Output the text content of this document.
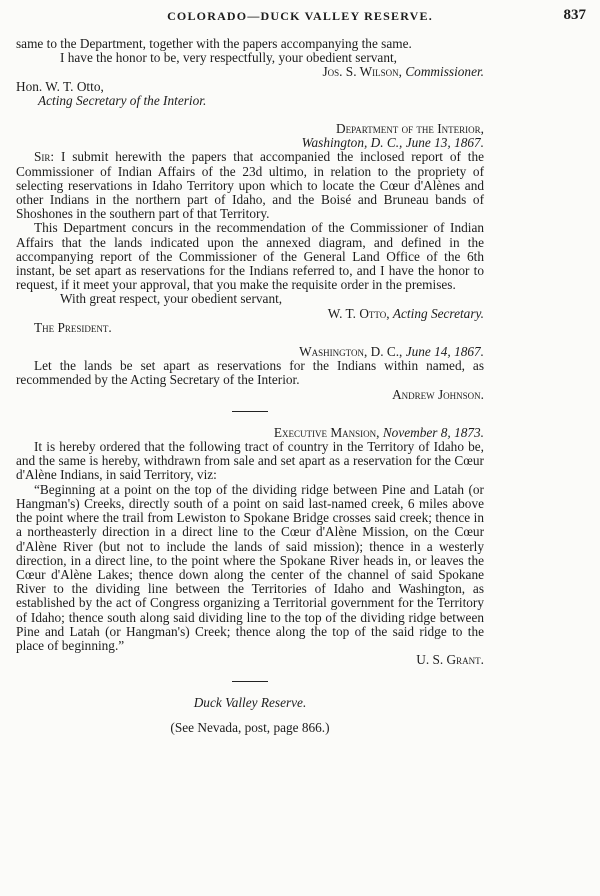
COLORADO—DUCK VALLEY RESERVE.	837

same to the Department, together with the papers accompanying the same.

I have the honor to be, very respectfully, your obedient servant,

Jos. S. Wilson, Commissioner.

Hon. W. T. Otto,

Acting Secretary of the Interior.

Department of the Interior,

Washington, D. C., June 13, 1867.

Sir: I submit herewith the papers that accompanied the inclosed report of the Commissioner of Indian Affairs of the 23d ultimo, in relation to the propriety of selecting reservations in Idaho Territory upon which to locate the Cœur d'Alènes and other Indians in the northern part of Idaho, and the Boisé and Bruneau bands of Shoshones in the southern part of that Territory.

This Department concurs in the recommendation of the Commissioner of Indian Affairs that the lands indicated upon the annexed diagram, and defined in the accompanying report of the Commissioner of the General Land Office of the 6th instant, be set apart as reservations for the Indians referred to, and I have the honor to request, if it meet your approval, that you make the requisite order in the premises.

With great respect, your obedient servant,

W. T. Otto, Acting Secretary.

The President.

Washington, D. C., June 14, 1867.

Let the lands be set apart as reservations for the Indians within named, as recommended by the Acting Secretary of the Interior.

Andrew Johnson.

Executive Mansion, November 8, 1873.

It is hereby ordered that the following tract of country in the Territory of Idaho be, and the same is hereby, withdrawn from sale and set apart as a reservation for the Cœur d'Alène Indians, in said Territory, viz:

“Beginning at a point on the top of the dividing ridge between Pine and Latah (or Hangman's) Creeks, directly south of a point on said last-named creek, 6 miles above the point where the trail from Lewiston to Spokane Bridge crosses said creek; thence in a northeasterly direction in a direct line to the Cœur d'Alène Mission, on the Cœur d'Alène River (but not to include the lands of said mission); thence in a westerly direction, in a direct line, to the point where the Spokane River heads in, or leaves the Cœur d'Alène Lakes; thence down along the center of the channel of said Spokane River to the dividing line between the Territories of Idaho and Washington, as established by the act of Congress organizing a Territorial government for the Territory of Idaho; thence south along said dividing line to the top of the dividing ridge between Pine and Latah (or Hangman's) Creek; thence along the top of the said ridge to the place of beginning.”

U. S. Grant.

Duck Valley Reserve.

(See Nevada, post, page 866.)
